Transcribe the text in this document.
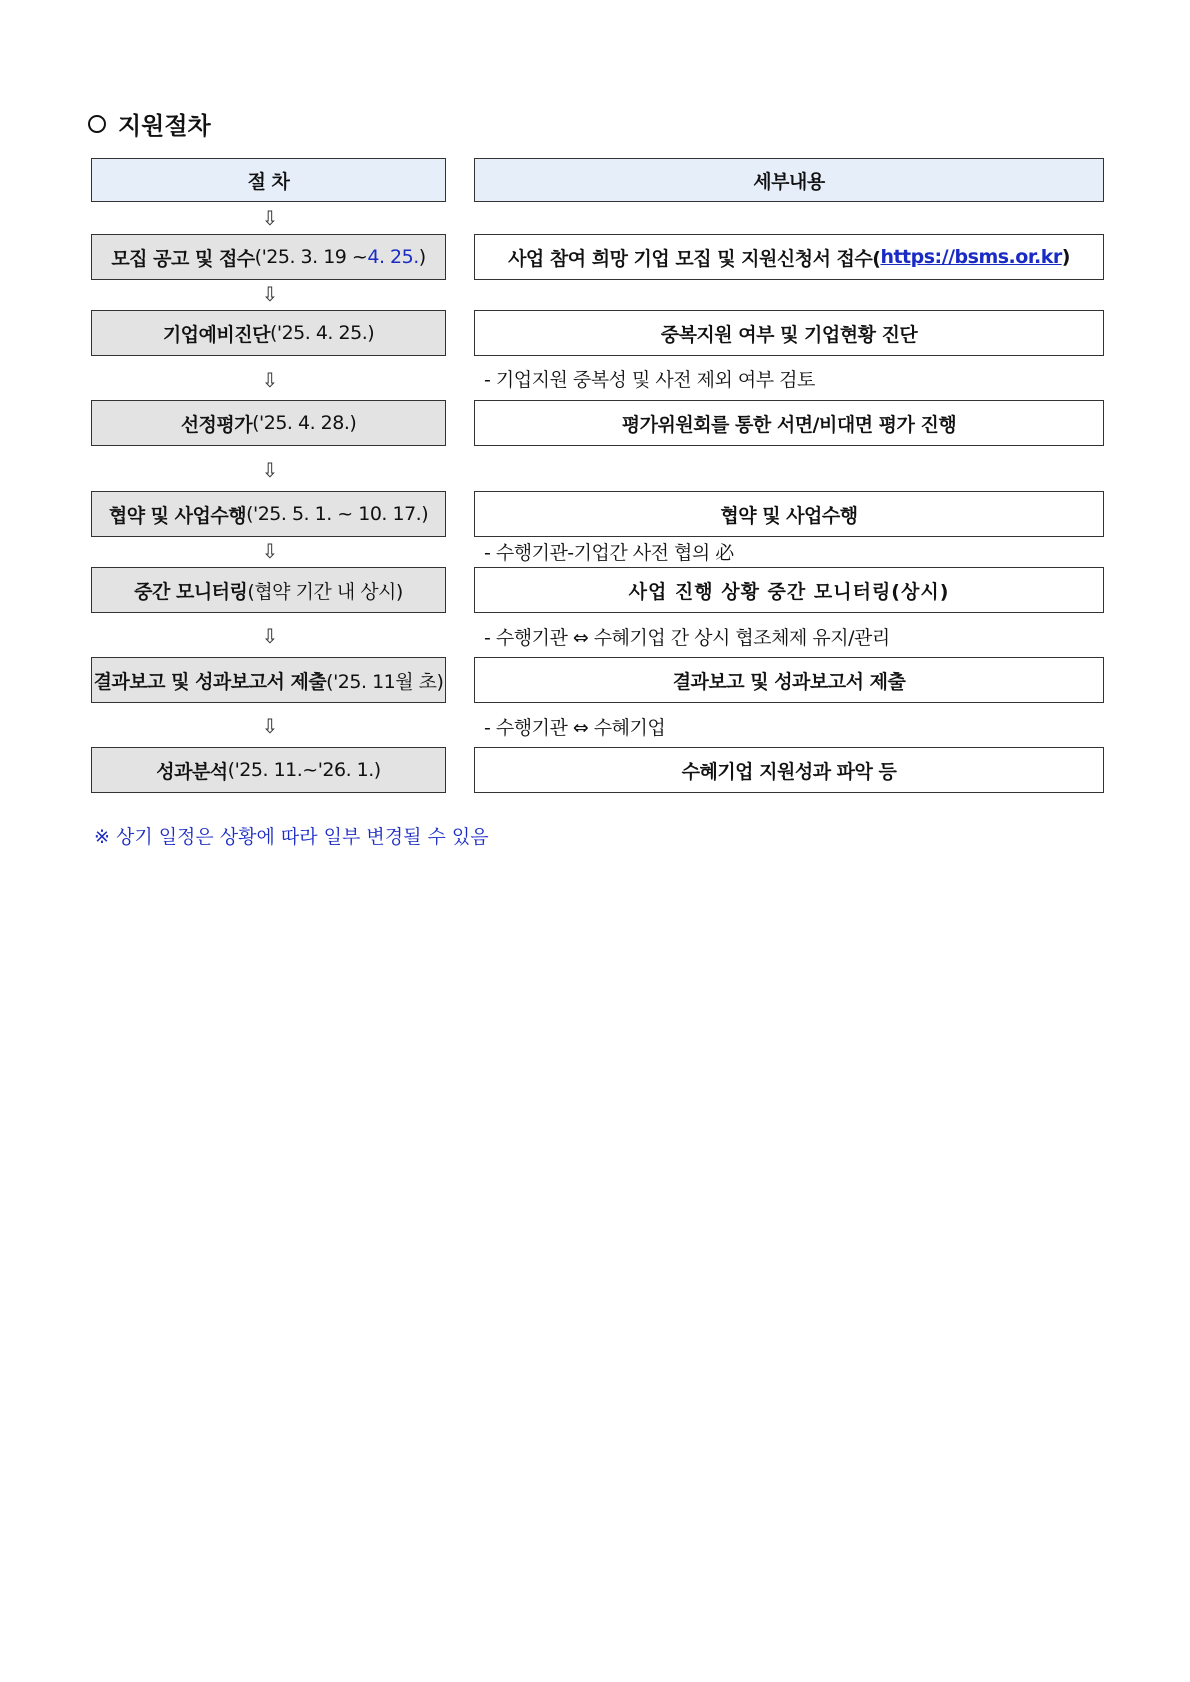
지원절차
절 차	세부내용
⇩
모집 공고 및 접수 ('25. 3. 19 ~ 4. 25. )	사업 참여 희망 기업 모집 및 지원신청서 접수( https://bsms.or.kr )
⇩
기업예비진단 ('25. 4. 25.)	중복지원 여부 및 기업현황 진단
⇩	- 기업지원 중복성 및 사전 제외 여부 검토
선정평가 ('25. 4. 28.)	평가위원회를 통한 서면/비대면 평가 진행
⇩
협약 및 사업수행 ('25. 5. 1. ~ 10. 17.)	협약 및 사업수행
⇩	- 수행기관-기업간 사전 협의 必
중간 모니터링 (협약 기간 내 상시)	사업 진행 상황 중간 모니터링(상시)
⇩	- 수행기관 ⇔ 수혜기업 간 상시 협조체제 유지/관리
결과보고 및 성과보고서 제출 ('25. 11월 초)	결과보고 및 성과보고서 제출
⇩	- 수행기관 ⇔ 수혜기업
성과분석 ('25. 11.~'26. 1.)	수혜기업 지원성과 파악 등
※ 상기 일정은 상황에 따라 일부 변경될 수 있음
